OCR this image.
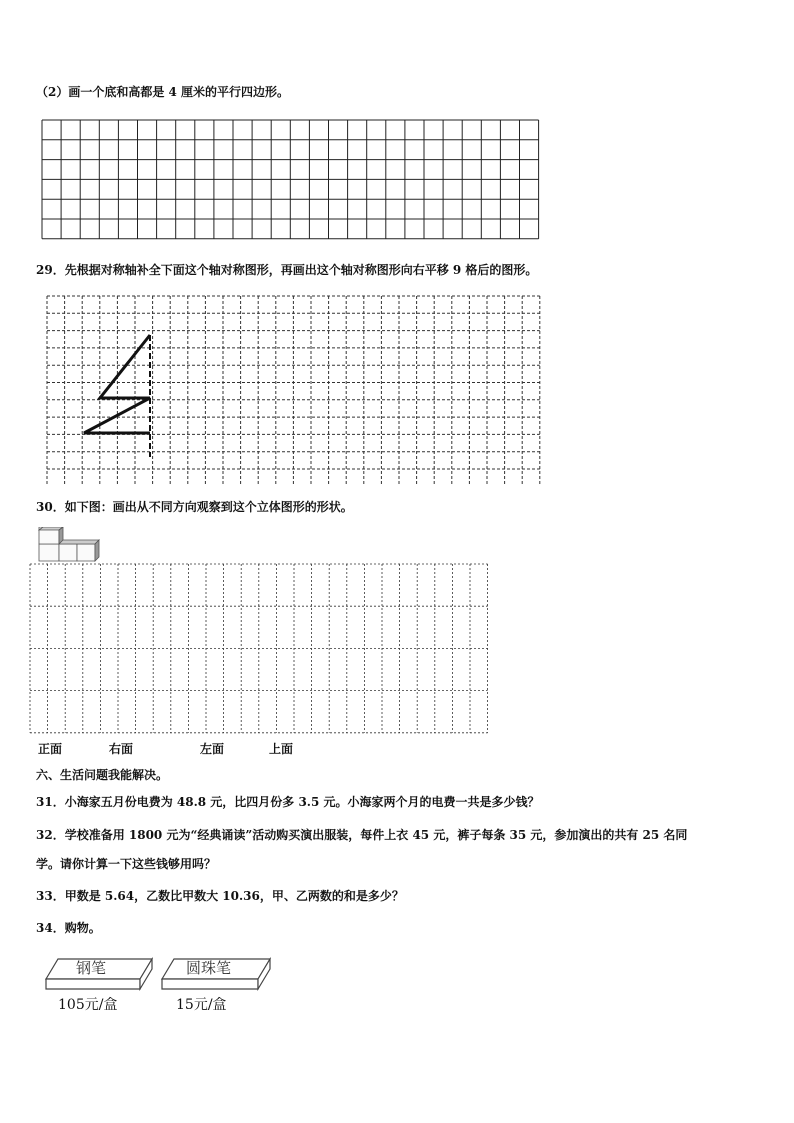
（2）画一个底和高都是 4 厘米的平行四边形。
29．先根据对称轴补全下面这个轴对称图形，再画出这个轴对称图形向右平移 9 格后的图形。
30．如下图：画出从不同方向观察到这个立体图形的形状。
正面	右面	左面	上面
六、生活问题我能解决。
31．小海家五月份电费为 48.8 元，比四月份多 3.5 元。小海家两个月的电费一共是多少钱？
32．学校准备用 1800 元为“经典诵读”活动购买演出服装，每件上衣 45 元，裤子每条 35 元，参加演出的共有 25 名同
学。请你计算一下这些钱够用吗？
33．甲数是 5.64，乙数比甲数大 10.36，甲、乙两数的和是多少？
34．购物。
钢笔	圆珠笔
105元/盒	15元/盒
